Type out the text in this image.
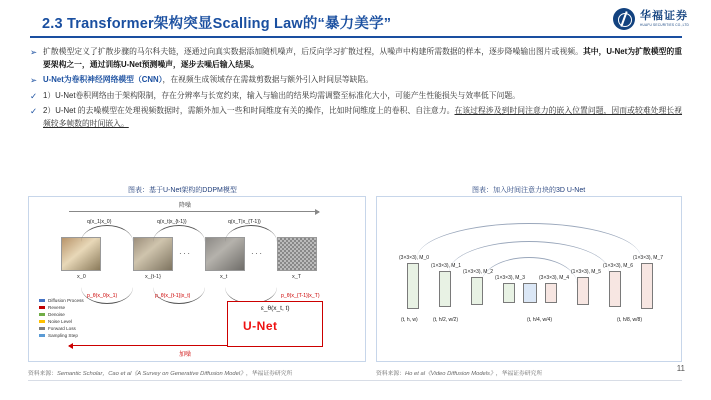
2.3 Transformer架构突显Scalling Law的“暴力美学”
华福证券
HUAFU SECURITIES CO.,LTD
➢ 扩散模型定义了扩散步骤的马尔科夫链，逐通过向真实数据添加随机噪声，后反向学习扩散过程，从噪声中构建所需数据的样本，逐步降噪输出图片或视频。其中，U-Net为扩散模型的重要架构之一，通过训练U-Net预测噪声，逐步去噪后输入结果。
➢ U-Net为卷积神经网络模型（CNN），在视频生成领域存在需裁剪数据与额外引入时间层等缺陷。
✓ 1）U-Net卷积网络由于架构限制，存在分辨率与长宽约束，输入与输出的结果均需调整至标准化大小，可能产生性能损失与效率低下问题。
✓ 2）U-Net 的去噪模型在处理视频数据时，需额外加入一些和时间维度有关的操作，比如时间维度上的卷积、自注意力。在该过程涉及到时间注意力的嵌入位置问题，因而或较难处理长视频较多帧数的时间嵌入。
图表：基于U-Net架构的DDPM模型	图表：加入时间注意力块的3D U-Net
降噪
加噪
x_0	x_{t-1}	x_t	x_T
q(x_1|x_0)	q(x_t|x_{t-1})	q(x_T|x_{T-1})
p_θ(x_0|x_1)	p_θ(x_{t-1}|x_t)	p_θ(x_{T-1}|x_T)
···	···
ε_θ(x_t, t)
U-Net
Diffusion Process
Reverse
Denoise
Noise Level
Forward Loss
Sampling Step
(3×3×3), M_0
(1×3×3), M_1
(1×3×3), M_2
(1×3×3), M_3	(3×3×3), M_4
(1×3×3), M_5
(1×3×3), M_6
(1×3×3), M_7
(t, h, w)	(t, h/2, w/2)	(t, h/4, w/4)	(t, h/8, w/8)
资料来源：Semantic Scholar，Cao et al《A Survey on Generative Diffusion Model》，华福证券研究所	资料来源：Ho et al《Video Diffusion Models》，华福证券研究所
11
